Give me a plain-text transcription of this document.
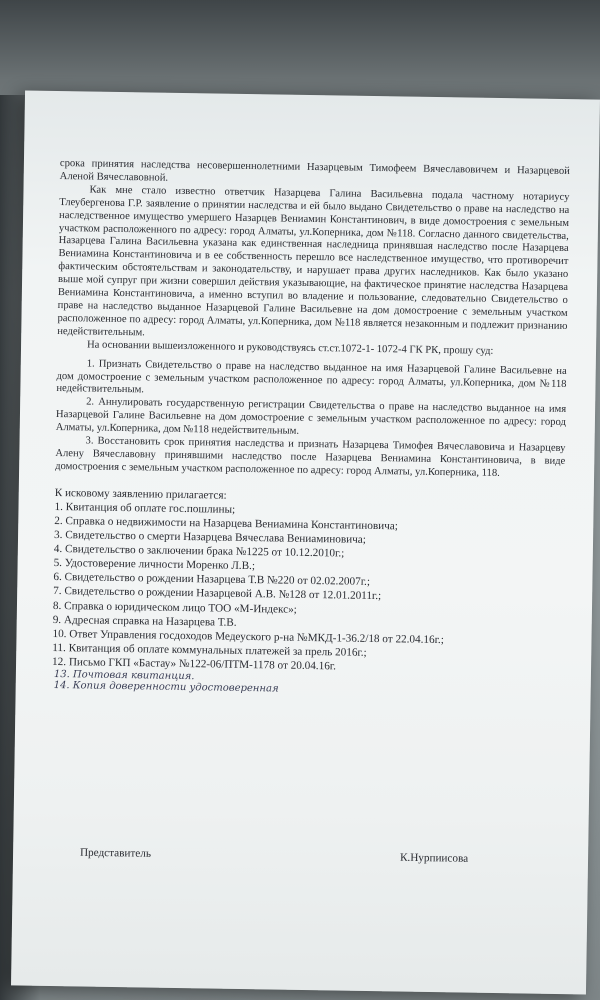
срока принятия наследства несовершеннолетними Назарцевым Тимофеем Вячеславовичем и Назарцевой Аленой Вячеславовной.

Как мне стало известно ответчик Назарцева Галина Васильевна подала частному нотариусу Тлеубергенова Г.Р. заявление о принятии наследства и ей было выдано Свидетельство о праве на наследство на наследственное имущество умершего Назарцев Вениамин Константинович, в виде домостроения с земельным участком расположенного по адресу: город Алматы, ул.Коперника, дом №118. Согласно данного свидетельства, Назарцева Галина Васильевна указана как единственная наследница принявшая наследство после Назарцева Вениамина Константиновича и в ее собственность перешло все наследственное имущество, что противоречит фактическим обстоятельствам и законодательству, и нарушает права других наследников. Как было указано выше мой супруг при жизни совершил действия указывающие, на фактическое принятие наследства Назарцева Вениамина Константиновича, а именно вступил во владение и пользование, следовательно Свидетельство о праве на наследство выданное Назарцевой Галине Васильевне на дом домостроение с земельным участком расположенное по адресу: город Алматы, ул.Коперника, дом №118 является незаконным и подлежит признанию недействительным.

На основании вышеизложенного и руководствуясь ст.ст.1072-1- 1072-4 ГК РК, прошу суд:

1. Признать Свидетельство о праве на наследство выданное на имя Назарцевой Галине Васильевне на дом домостроение с земельным участком расположенное по адресу: город Алматы, ул.Коперника, дом №118 недействительным.

2. Аннулировать государственную регистрации Свидетельства о праве на наследство выданное на имя Назарцевой Галине Васильевне на дом домостроение с земельным участком расположенное по адресу: город Алматы, ул.Коперника, дом №118 недействительным.

3. Восстановить срок принятия наследства и признать Назарцева Тимофея Вячеславовича и Назарцеву Алену Вячеславовну принявшими наследство после Назарцева Вениамина Константиновича, в виде домостроения с земельным участком расположенное по адресу: город Алматы, ул.Коперника, 118.

К исковому заявлению прилагается:
1. Квитанция об оплате гос.пошлины;
2. Справка о недвижимости на Назарцева Вениамина Константиновича;
3. Свидетельство о смерти Назарцева Вячеслава Вениаминовича;
4. Свидетельство о заключении брака №1225 от 10.12.2010г.;
5. Удостоверение личности Моренко Л.В.;
6. Свидетельство о рождении Назарцева Т.В №220 от 02.02.2007г.;
7. Свидетельство о рождении Назарцевой А.В. №128 от 12.01.2011г.;
8. Справка о юридическом лицо ТОО «М-Индекс»;
9. Адресная справка на Назарцева Т.В.
10. Ответ Управления госдоходов Медеуского р-на №МКД-1-36.2/18 от 22.04.16г.;
11. Квитанция об оплате коммунальных платежей за прель 2016г.;
12. Письмо ГКП «Бастау» №122-06/ПТМ-1178 от 20.04.16г.
13. Почтовая квитанция.
14. Копия доверенности удостоверенная
Представитель	К.Нурпиисова
